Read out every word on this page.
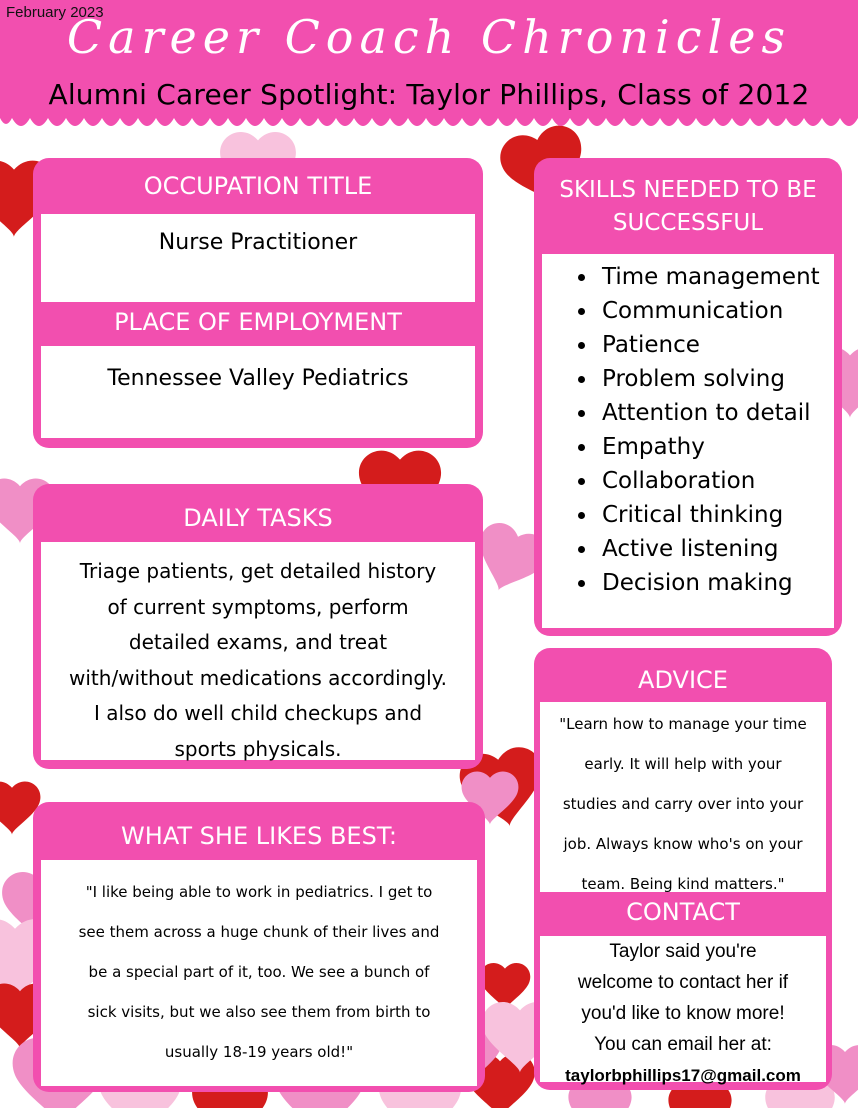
February 2023
Career Coach Chronicles
Alumni Career Spotlight: Taylor Phillips, Class of 2012
OCCUPATION TITLE
Nurse Practitioner
PLACE OF EMPLOYMENT
Tennessee Valley Pediatrics
DAILY TASKS
Triage patients, get detailed history
of current symptoms, perform
detailed exams, and treat
with/without medications accordingly.
I also do well child checkups and
sports physicals.
WHAT SHE LIKES BEST:
"I like being able to work in pediatrics. I get to
see them across a huge chunk of their lives and
be a special part of it, too. We see a bunch of
sick visits, but we also see them from birth to
usually 18-19 years old!"
SKILLS NEEDED TO BE
SUCCESSFUL
• Time management
• Communication
• Patience
• Problem solving
• Attention to detail
• Empathy
• Collaboration
• Critical thinking
• Active listening
• Decision making
ADVICE
"Learn how to manage your time
early. It will help with your
studies and carry over into your
job. Always know who's on your
team. Being kind matters."
CONTACT
Taylor said you're
welcome to contact her if
you'd like to know more!
You can email her at:
taylorbphillips17@gmail.com
